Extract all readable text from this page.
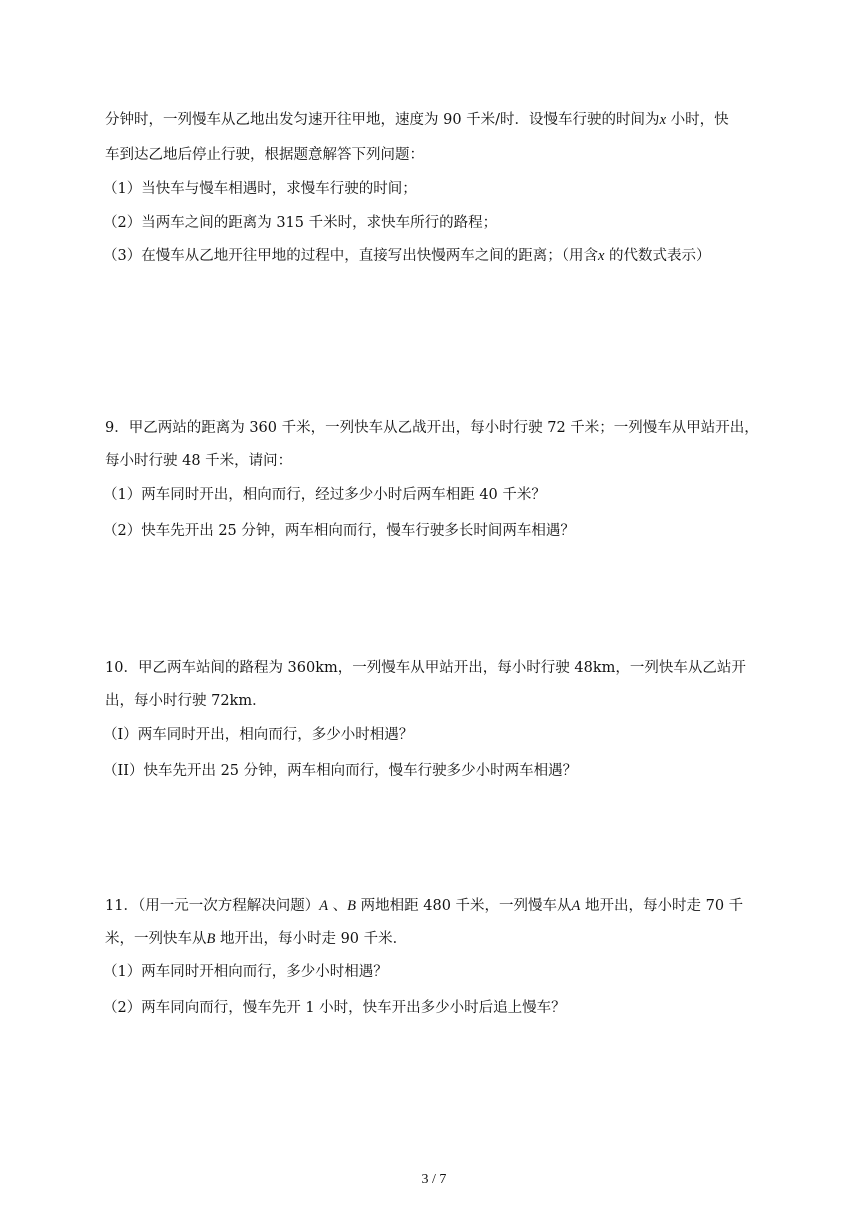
分钟时，一列慢车从乙地出发匀速开往甲地，速度为 90 千米/时．设慢车行驶的时间为x 小时，快
车到达乙地后停止行驶，根据题意解答下列问题：
（1）当快车与慢车相遇时，求慢车行驶的时间；
（2）当两车之间的距离为 315 千米时，求快车所行的路程；
（3）在慢车从乙地开往甲地的过程中，直接写出快慢两车之间的距离；（用含x 的代数式表示）
9．甲乙两站的距离为 360 千米，一列快车从乙战开出，每小时行驶 72 千米；一列慢车从甲站开出，
每小时行驶 48 千米，请问：
（1）两车同时开出，相向而行，经过多少小时后两车相距 40 千米？
（2）快车先开出 25 分钟，两车相向而行，慢车行驶多长时间两车相遇？
10．甲乙两车站间的路程为 360km，一列慢车从甲站开出，每小时行驶 48km，一列快车从乙站开
出，每小时行驶 72km．
（I）两车同时开出，相向而行，多少小时相遇？
（II）快车先开出 25 分钟，两车相向而行，慢车行驶多少小时两车相遇？
11．（用一元一次方程解决问题）A 、B 两地相距 480 千米，一列慢车从A 地开出，每小时走 70 千
米，一列快车从B 地开出，每小时走 90 千米．
（1）两车同时开相向而行，多少小时相遇？
（2）两车同向而行，慢车先开 1 小时，快车开出多少小时后追上慢车？
3 / 7
